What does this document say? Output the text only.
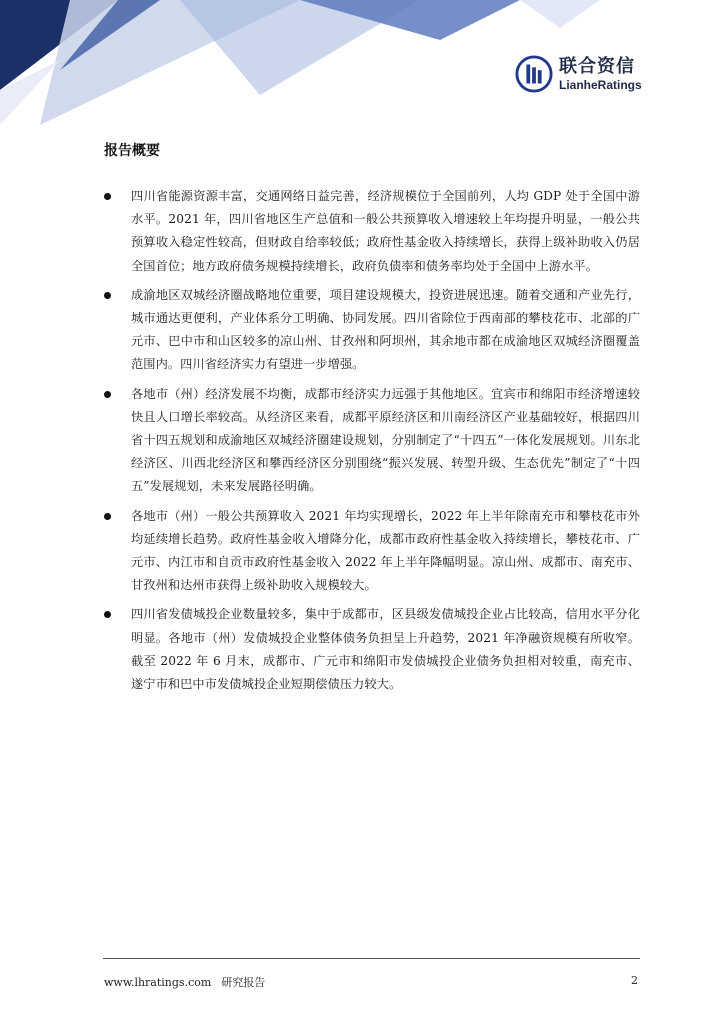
联合资信
LianheRatings
报告概要
四川省能源资源丰富，交通网络日益完善，经济规模位于全国前列，人均 GDP 处于全国中游水平。2021 年，四川省地区生产总值和一般公共预算收入增速较上年均提升明显，一般公共预算收入稳定性较高，但财政自给率较低；政府性基金收入持续增长，获得上级补助收入仍居全国首位；地方政府债务规模持续增长，政府负债率和债务率均处于全国中上游水平。
成渝地区双城经济圈战略地位重要，项目建设规模大，投资进展迅速。随着交通和产业先行，城市通达更便利，产业体系分工明确、协同发展。四川省除位于西南部的攀枝花市、北部的广元市、巴中市和山区较多的凉山州、甘孜州和阿坝州，其余地市都在成渝地区双城经济圈覆盖范围内。四川省经济实力有望进一步增强。
各地市（州）经济发展不均衡，成都市经济实力远强于其他地区。宜宾市和绵阳市经济增速较快且人口增长率较高。从经济区来看，成都平原经济区和川南经济区产业基础较好，根据四川省十四五规划和成渝地区双城经济圈建设规划，分别制定了“十四五”一体化发展规划。川东北经济区、川西北经济区和攀西经济区分别围绕“振兴发展、转型升级、生态优先”制定了“十四五”发展规划，未来发展路径明确。
各地市（州）一般公共预算收入 2021 年均实现增长，2022 年上半年除南充市和攀枝花市外均延续增长趋势。政府性基金收入增降分化，成都市政府性基金收入持续增长，攀枝花市、广元市、内江市和自贡市政府性基金收入 2022 年上半年降幅明显。凉山州、成都市、南充市、甘孜州和达州市获得上级补助收入规模较大。
四川省发债城投企业数量较多，集中于成都市，区县级发债城投企业占比较高，信用水平分化明显。各地市（州）发债城投企业整体债务负担呈上升趋势，2021 年净融资规模有所收窄。截至 2022 年 6 月末，成都市、广元市和绵阳市发债城投企业债务负担相对较重，南充市、遂宁市和巴中市发债城投企业短期偿债压力较大。
www.lhratings.com 研究报告	2
